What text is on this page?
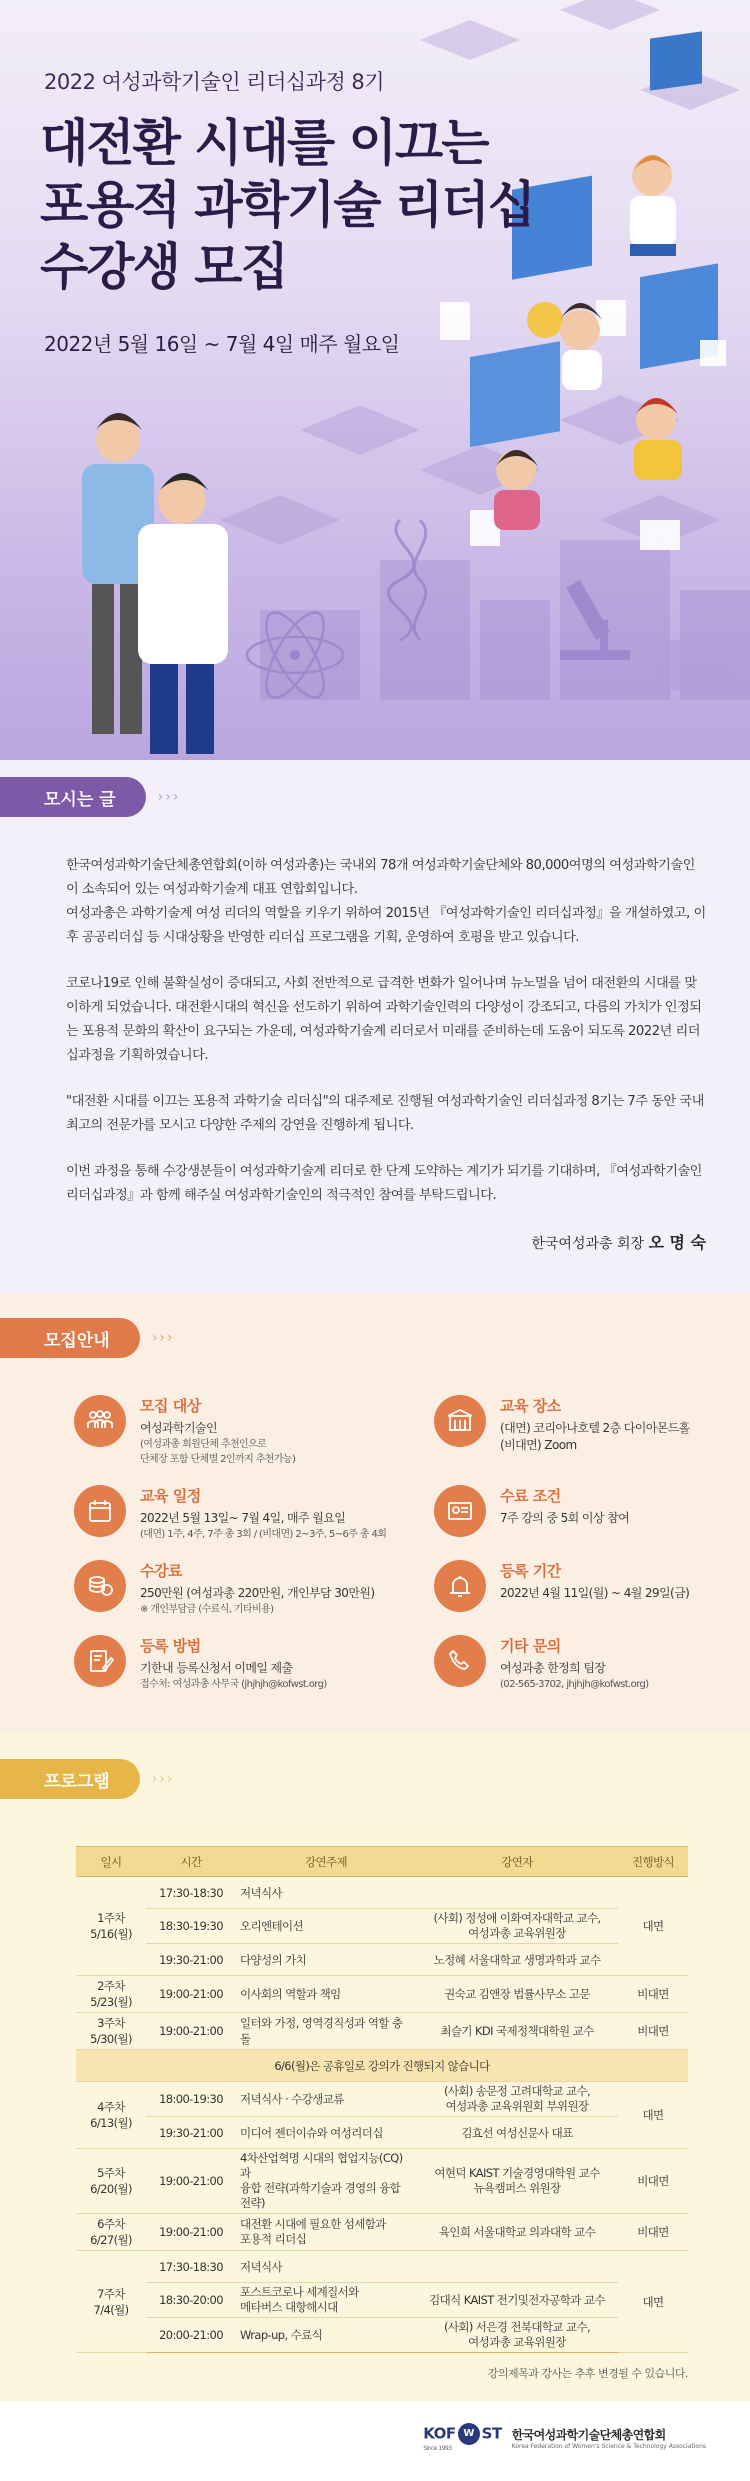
2022 여성과학기술인 리더십과정 8기
대전환 시대를 이끄는
포용적 과학기술 리더십
수강생 모집
2022년 5월 16일 ~ 7월 4일 매주 월요일
모시는 글	›››

한국여성과학기술단체총연합회(이하 여성과총)는 국내외 78개 여성과학기술단체와 80,000여명의 여성과학기술인이 소속되어 있는 여성과학기술계 대표 연합회입니다.
여성과총은 과학기술계 여성 리더의 역할을 키우기 위하여 2015년 『여성과학기술인 리더십과정』을 개설하였고, 이후 공공리더십 등 시대상황을 반영한 리더십 프로그램을 기획, 운영하여 호평을 받고 있습니다.

코로나19로 인해 불확실성이 증대되고, 사회 전반적으로 급격한 변화가 일어나며 뉴노멀을 넘어 대전환의 시대를 맞이하게 되었습니다. 대전환시대의 혁신을 선도하기 위하여 과학기술인력의 다양성이 강조되고, 다름의 가치가 인정되는 포용적 문화의 확산이 요구되는 가운데, 여성과학기술계 리더로서 미래를 준비하는데 도움이 되도록 2022년 리더십과정을 기획하였습니다.

"대전환 시대를 이끄는 포용적 과학기술 리더십"의 대주제로 진행될 여성과학기술인 리더십과정 8기는 7주 동안 국내 최고의 전문가를 모시고 다양한 주제의 강연을 진행하게 됩니다.

이번 과정을 통해 수강생분들이 여성과학기술계 리더로 한 단계 도약하는 계기가 되기를 기대하며, 『여성과학기술인 리더십과정』과 함께 해주실 여성과학기술인의 적극적인 참여를 부탁드립니다.

한국여성과총 회장 오 명 숙
모집안내	›››
모집 대상
여성과학기술인
(여성과총 회원단체 추천인으로
단체장 포함 단체별 2인까지 추천가능)
교육 장소
(대면) 코리아나호텔 2층 다이아몬드홀
(비대면) Zoom
교육 일정
2022년 5월 13일~ 7월 4일, 매주 월요일
(대면) 1주, 4주, 7주 총 3회 / (비대면) 2~3주, 5~6주 총 4회
수료 조건
7주 강의 중 5회 이상 참여
수강료
250만원 (여성과총 220만원, 개인부담 30만원)
※ 개인부담금 (수료식, 기타비용)
등록 기간
2022년 4월 11일(월) ~ 4월 29일(금)
등록 방법
기한내 등록신청서 이메일 제출
접수처: 여성과총 사무국 (jhjhjh@kofwst.org)
기타 문의
여성과총 한정희 팀장
(02-565-3702, jhjhjh@kofwst.org)
프로그램	›››
일시	시간	강연주제	강연자	진행방식
1주차
5/16(월)	17:30-18:30	저녁식사		대면
	18:30-19:30	오리엔테이션	(사회) 정성애 이화여자대학교 교수,
여성과총 교육위원장	
	19:30-21:00	다양성의 가치	노정혜 서울대학교 생명과학과 교수	
2주차
5/23(월)	19:00-21:00	이사회의 역할과 책임	권숙교 김앤장 법률사무소 고문	비대면
3주차
5/30(월)	19:00-21:00	일터와 가정, 영역경직성과 역할 충돌	최슬기 KDI 국제정책대학원 교수	비대면
6/6(월)은 공휴일로 강의가 진행되지 않습니다				
4주차
6/13(월)	18:00-19:30	저녁식사 · 수강생교류	(사회) 송문정 고려대학교 교수,
여성과총 교육위원회 부위원장	대면
	19:30-21:00	미디어 젠더이슈와 여성리더십	김효선 여성신문사 대표	
5주차
6/20(월)	19:00-21:00	4차산업혁명 시대의 협업지능(CQ)과
융합 전략(과학기술과 경영의 융합 전략)	여현덕 KAIST 기술경영대학원 교수
뉴욕캠퍼스 위원장	비대면
6주차
6/27(월)	19:00-21:00	대전환 시대에 필요한 섬세함과
포용적 리더십	육인희 서울대학교 의과대학 교수	비대면
7주차
7/4(월)	17:30-18:30	저녁식사		대면
	18:30-20:00	포스트코로나 세계질서와
메타버스 대항해시대	김대식 KAIST 전기및전자공학과 교수	
	20:00-21:00	Wrap-up, 수료식	(사회) 서은경 전북대학교 교수,
여성과총 교육위원장	
강의제목과 강사는 추후 변경될 수 있습니다.
KOF W ST
Since 1993
한국여성과학기술단체총연합회
Korea Federation of Women's Science & Technology Associations
